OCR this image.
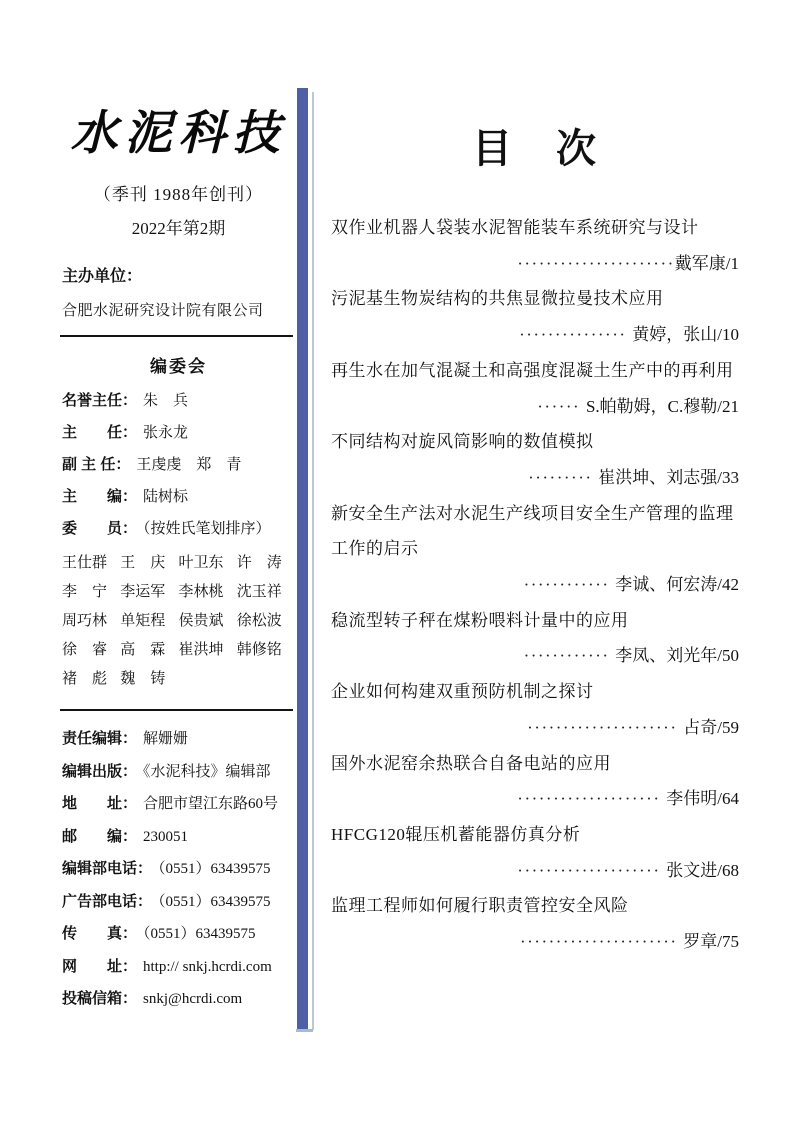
水泥科技
（季刊 1988年创刊）
2022年第2期
主办单位：
合肥水泥研究设计院有限公司
编委会
名誉主任： 朱　兵
主　　任： 张永龙
副 主 任： 王虔虔　郑　青
主　　编： 陆树标
委　　员： （按姓氏笔划排序）
王仕群 王　庆 叶卫东 许　涛
李　宁 李运军 李林桃 沈玉祥
周巧林 单矩程 侯贵斌 徐松波
徐　睿 高　霖 崔洪坤 韩修铭
褚　彪 魏　铸
责任编辑： 解姗姗
编辑出版： 《水泥科技》编辑部
地　　址： 合肥市望江东路60号
邮　　编： 230051
编辑部电话： （0551）63439575
广告部电话： （0551）63439575
传　　真： （0551）63439575
网　　址： http:// snkj.hcrdi.com
投稿信箱： snkj@hcrdi.com
目　次
双作业机器人袋装水泥智能装车系统研究与设计
······················戴军康/1
污泥基生物炭结构的共焦显微拉曼技术应用
··············· 黄婷，张山/10
再生水在加气混凝土和高强度混凝土生产中的再利用
······ S.帕勒姆，C.穆勒/21
不同结构对旋风筒影响的数值模拟
········· 崔洪坤、刘志强/33
新安全生产法对水泥生产线项目安全生产管理的监理工作的启示
············ 李诚、何宏涛/42
稳流型转子秤在煤粉喂料计量中的应用
············ 李凤、刘光年/50
企业如何构建双重预防机制之探讨
····················· 占奇/59
国外水泥窑余热联合自备电站的应用
···················· 李伟明/64
HFCG120辊压机蓄能器仿真分析
···················· 张文进/68
监理工程师如何履行职责管控安全风险
······················ 罗章/75
